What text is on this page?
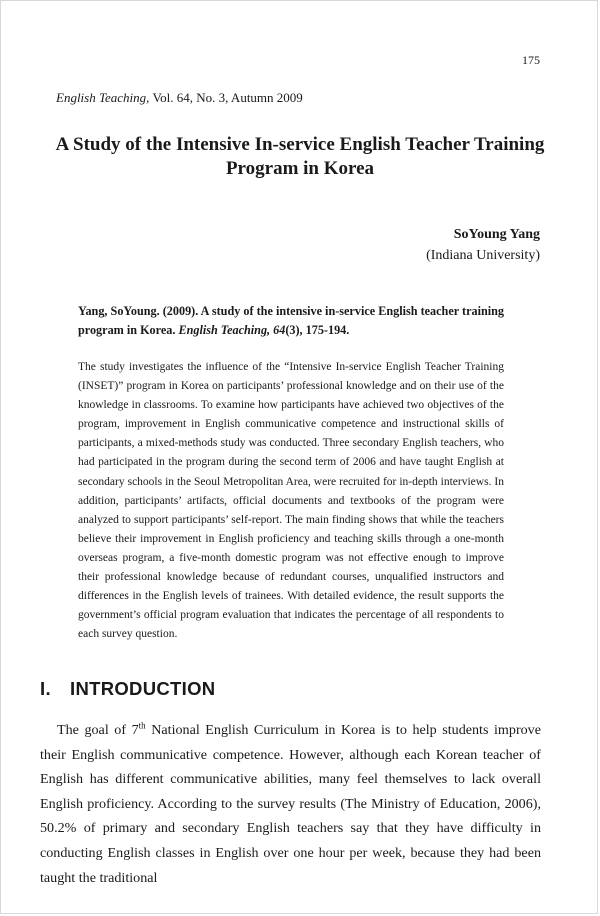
175
English Teaching, Vol. 64, No. 3, Autumn 2009
A Study of the Intensive In-service English Teacher Training
Program in Korea
SoYoung Yang
(Indiana University)
Yang, SoYoung. (2009). A study of the intensive in-service English teacher training program in Korea. English Teaching, 64(3), 175-194.
The study investigates the influence of the “Intensive In-service English Teacher Training (INSET)” program in Korea on participants’ professional knowledge and on their use of the knowledge in classrooms. To examine how participants have achieved two objectives of the program, improvement in English communicative competence and instructional skills of participants, a mixed-methods study was conducted. Three secondary English teachers, who had participated in the program during the second term of 2006 and have taught English at secondary schools in the Seoul Metropolitan Area, were recruited for in-depth interviews. In addition, participants’ artifacts, official documents and textbooks of the program were analyzed to support participants’ self-report. The main finding shows that while the teachers believe their improvement in English proficiency and teaching skills through a one-month overseas program, a five-month domestic program was not effective enough to improve their professional knowledge because of redundant courses, unqualified instructors and differences in the English levels of trainees. With detailed evidence, the result supports the government’s official program evaluation that indicates the percentage of all respondents to each survey question.
I. INTRODUCTION
The goal of 7th National English Curriculum in Korea is to help students improve their English communicative competence. However, although each Korean teacher of English has different communicative abilities, many feel themselves to lack overall English proficiency. According to the survey results (The Ministry of Education, 2006), 50.2% of primary and secondary English teachers say that they have difficulty in conducting English classes in English over one hour per week, because they had been taught the traditional
